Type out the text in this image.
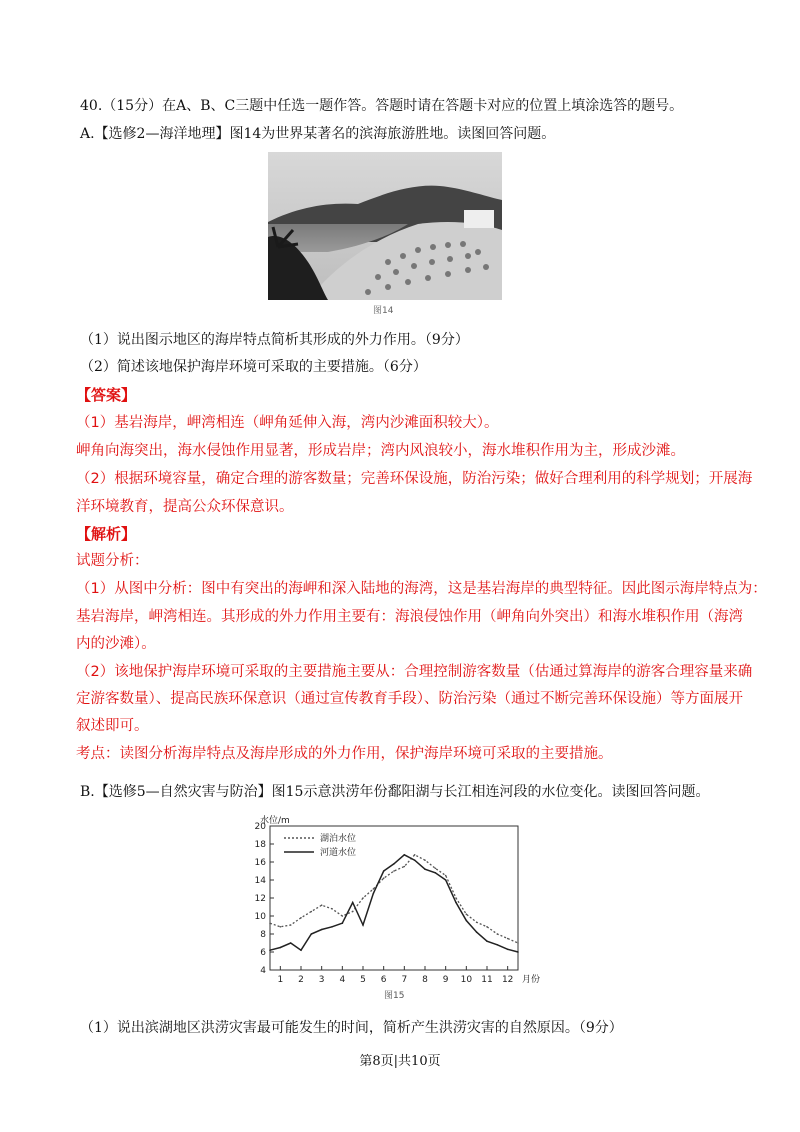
40.（15分）在A、B、C三题中任选一题作答。答题时请在答题卡对应的位置上填涂选答的题号。
A.【选修2—海洋地理】图14为世界某著名的滨海旅游胜地。读图回答问题。
图14
（1）说出图示地区的海岸特点简析其形成的外力作用。（9分）
（2）简述该地保护海岸环境可采取的主要措施。（6分）
【答案】
（1）基岩海岸，岬湾相连（岬角延伸入海，湾内沙滩面积较大）。
岬角向海突出，海水侵蚀作用显著，形成岩岸；湾内风浪较小，海水堆积作用为主，形成沙滩。
（2）根据环境容量，确定合理的游客数量；完善环保设施，防治污染；做好合理利用的科学规划；开展海
洋环境教育，提高公众环保意识。
【解析】
试题分析：
（1）从图中分析：图中有突出的海岬和深入陆地的海湾，这是基岩海岸的典型特征。因此图示海岸特点为：
基岩海岸，岬湾相连。其形成的外力作用主要有：海浪侵蚀作用（岬角向外突出）和海水堆积作用（海湾
内的沙滩）。
（2）该地保护海岸环境可采取的主要措施主要从：合理控制游客数量（估通过算海岸的游客合理容量来确
定游客数量）、提高民族环保意识（通过宣传教育手段）、防治污染（通过不断完善环保设施）等方面展开
叙述即可。
考点：读图分析海岸特点及海岸形成的外力作用，保护海岸环境可采取的主要措施。
B.【选修5—自然灾害与防治】图15示意洪涝年份鄱阳湖与长江相连河段的水位变化。读图回答问题。
4
6
8
10
12
14
16
18
20
1 2 3 4 5 6 7 8 9 10 11 12
水位/m
月份
图15
湖泊水位
河道水位
（1）说出滨湖地区洪涝灾害最可能发生的时间，简析产生洪涝灾害的自然原因。（9分）
第8页|共10页
